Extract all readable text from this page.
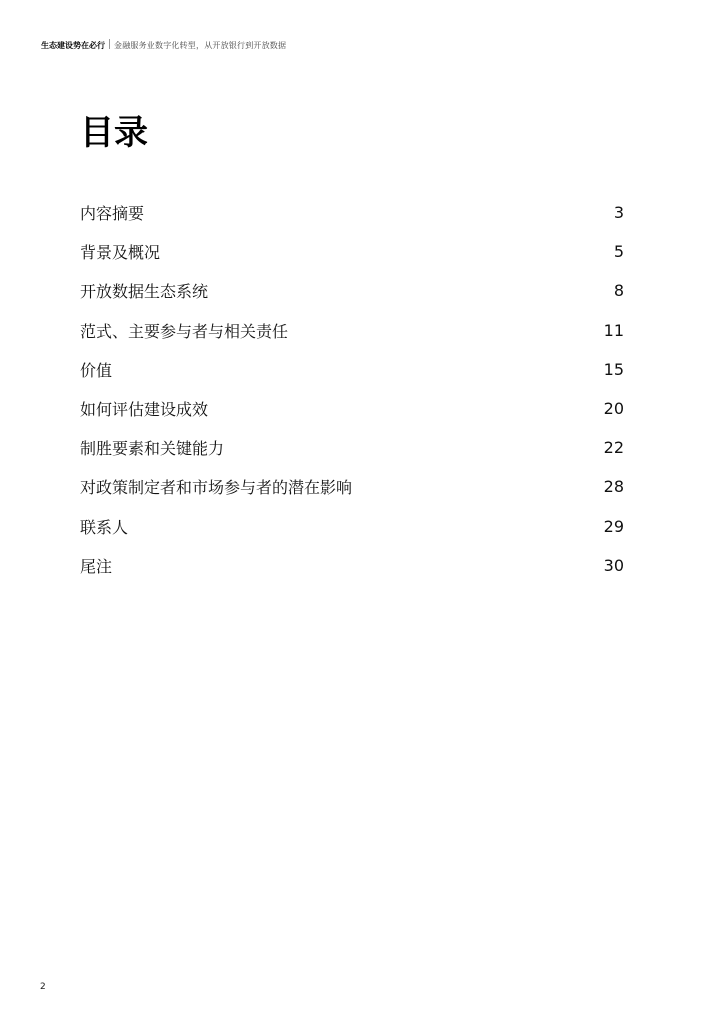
生态建设势在必行 金融服务业数字化转型，从开放银行到开放数据
目录
内容摘要	3
背景及概况	5
开放数据生态系统	8
范式、主要参与者与相关责任	11
价值	15
如何评估建设成效	20
制胜要素和关键能力	22
对政策制定者和市场参与者的潜在影响	28
联系人	29
尾注	30
2
